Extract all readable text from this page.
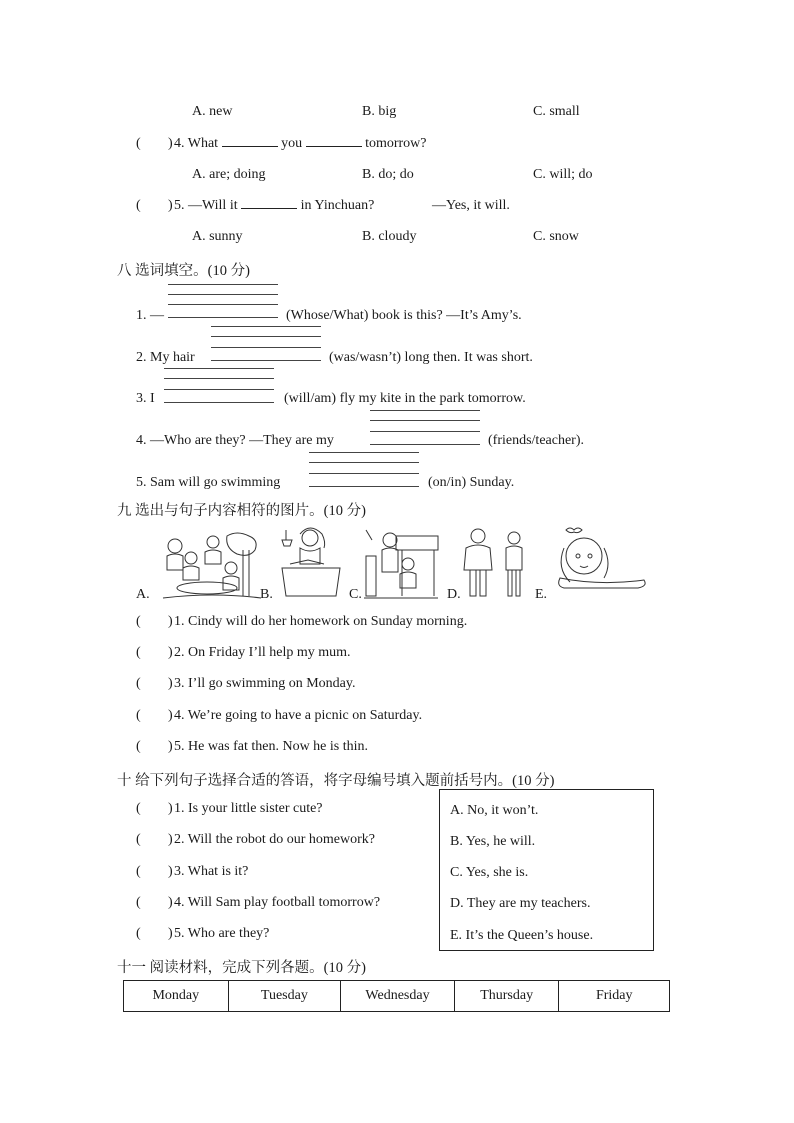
A. new	B. big	C. small
( ) 4. What	you	tomorrow?
A. are; doing	B. do; do	C. will; do
( ) 5. —Will it	in Yinchuan?	—Yes, it will.
A. sunny	B. cloudy	C. snow
八 选词填空。(10 分)
1. —	(Whose/What) book is this? —It’s Amy’s.
2. My hair	(was/wasn’t) long then. It was short.
3. I	(will/am) fly my kite in the park tomorrow.
4. —Who are they? —They are my	(friends/teacher).
5. Sam will go swimming	(on/in) Sunday.
九 选出与句子内容相符的图片。(10 分)
A.	B.	C.	D.	E.
( ) 1. Cindy will do her homework on Sunday morning.
( ) 2. On Friday I’ll help my mum.
( ) 3. I’ll go swimming on Monday.
( ) 4. We’re going to have a picnic on Saturday.
( ) 5. He was fat then. Now he is thin.
十 给下列句子选择合适的答语，将字母编号填入题前括号内。(10 分)
( ) 1. Is your little sister cute?
( ) 2. Will the robot do our homework?
( ) 3. What is it?
( ) 4. Will Sam play football tomorrow?
( ) 5. Who are they?
A. No, it won’t.
B. Yes, he will.
C. Yes, she is.
D. They are my teachers.
E. It’s the Queen’s house.
十一 阅读材料，完成下列各题。(10 分)
Monday	Tuesday	Wednesday	Thursday	Friday
